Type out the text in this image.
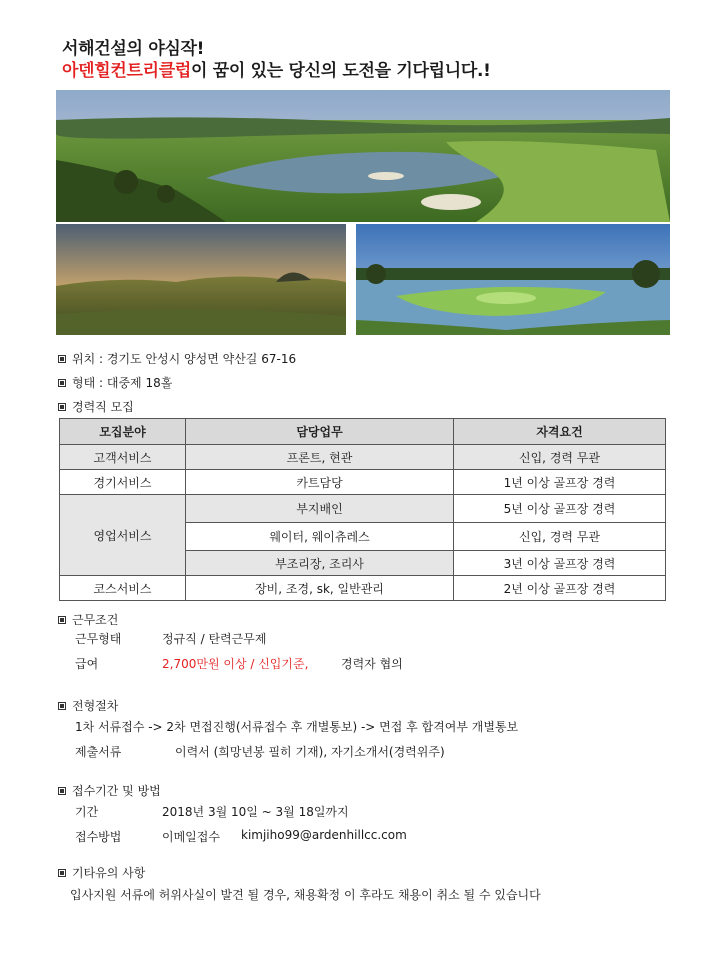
서해건설의 야심작!
아덴힐컨트리클럽이 꿈이 있는 당신의 도전을 기다립니다.!
위치 : 경기도 안성시 양성면 약산길 67-16
형태 : 대중제 18홀
경력직 모집
모집분야	담당업무	자격요건
고객서비스	프론트, 현관	신입, 경력 무관
경기서비스	카트담당	1년 이상 골프장 경력
영업서비스	부지배인	5년 이상 골프장 경력
	웨이터, 웨이츄레스	신입, 경력 무관
	부조리장, 조리사	3년 이상 골프장 경력
코스서비스	장비, 조경, sk, 일반관리	2년 이상 골프장 경력
근무조건
근무형태	정규직 / 탄력근무제
급여	2,700만원 이상 / 신입기준,	경력자 협의
전형절차
1차 서류접수 -> 2차 면접진행(서류접수 후 개별통보) -> 면접 후 합격여부 개별통보
제출서류	이력서 (희망년봉 필히 기재), 자기소개서(경력위주)
접수기간 및 방법
기간	2018년 3월 10일 ~ 3월 18일까지
접수방법	이메일접수 kimjiho99@ardenhillcc.com
기타유의 사항
입사지원 서류에 허위사실이 발견 될 경우, 채용확정 이 후라도 채용이 취소 될 수 있습니다
